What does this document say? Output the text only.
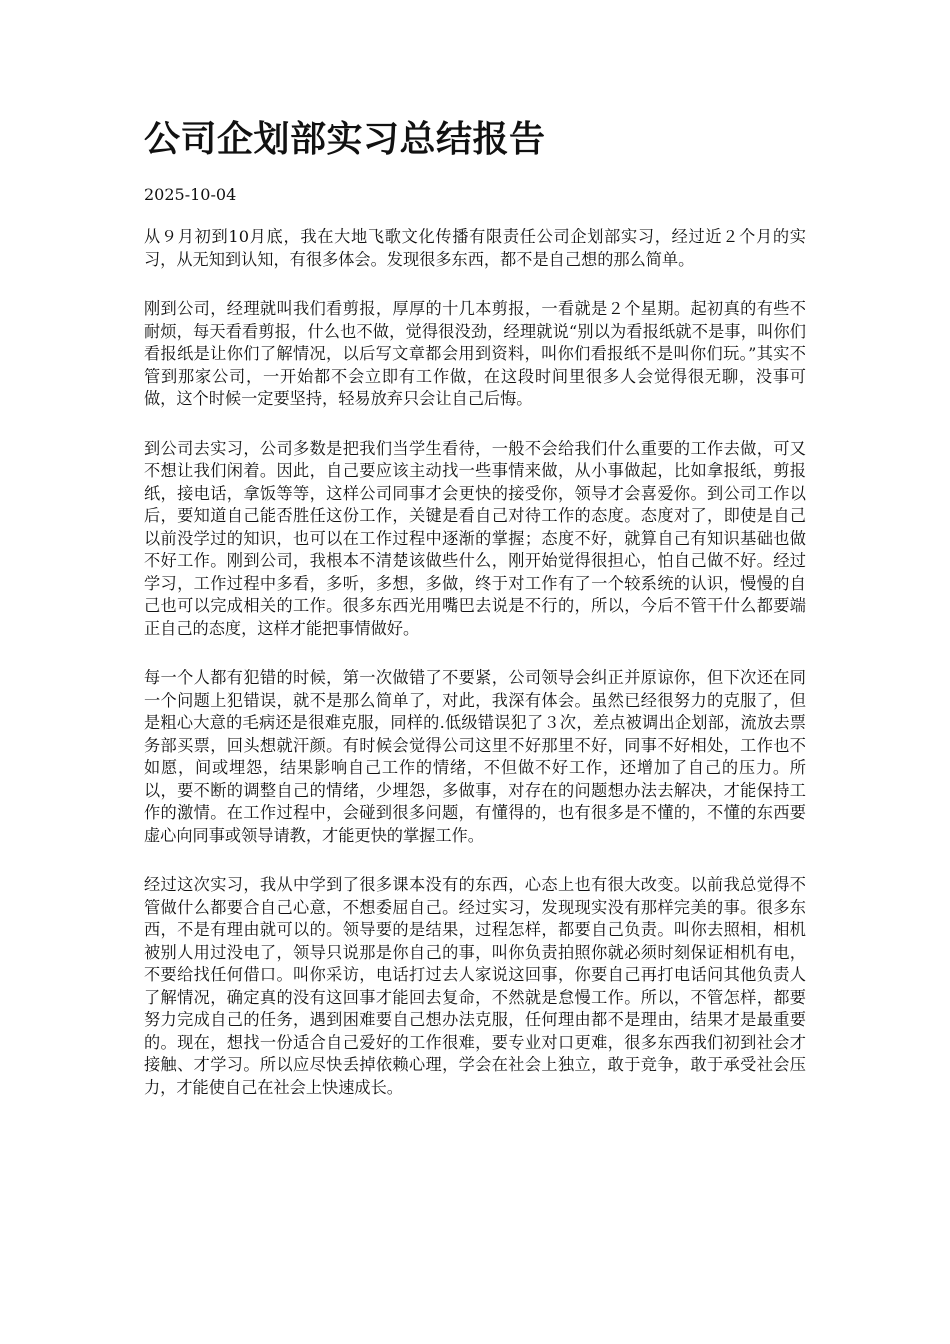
公司企划部实习总结报告
2025-10-04

从９月初到10月底，我在大地飞歌文化传播有限责任公司企划部实习，经过近２个月的实习，从无知到认知，有很多体会。发现很多东西，都不是自己想的那么简单。

刚到公司，经理就叫我们看剪报，厚厚的十几本剪报，一看就是２个星期。起初真的有些不耐烦，每天看看剪报，什么也不做，觉得很没劲，经理就说“别以为看报纸就不是事，叫你们看报纸是让你们了解情况，以后写文章都会用到资料，叫你们看报纸不是叫你们玩。”其实不管到那家公司，一开始都不会立即有工作做，在这段时间里很多人会觉得很无聊，没事可做，这个时候一定要坚持，轻易放弃只会让自己后悔。

到公司去实习，公司多数是把我们当学生看待，一般不会给我们什么重要的工作去做，可又不想让我们闲着。因此，自己要应该主动找一些事情来做，从小事做起，比如拿报纸，剪报纸，接电话，拿饭等等，这样公司同事才会更快的接受你，领导才会喜爱你。到公司工作以后，要知道自己能否胜任这份工作，关键是看自己对待工作的态度。态度对了，即使是自己以前没学过的知识，也可以在工作过程中逐渐的掌握；态度不好，就算自己有知识基础也做不好工作。刚到公司，我根本不清楚该做些什么，刚开始觉得很担心，怕自己做不好。经过学习，工作过程中多看，多听，多想，多做，终于对工作有了一个较系统的认识，慢慢的自己也可以完成相关的工作。很多东西光用嘴巴去说是不行的，所以，今后不管干什么都要端正自己的态度，这样才能把事情做好。

每一个人都有犯错的时候，第一次做错了不要紧，公司领导会纠正并原谅你，但下次还在同一个问题上犯错误，就不是那么简单了，对此，我深有体会。虽然已经很努力的克服了，但是粗心大意的毛病还是很难克服，同样的.低级错误犯了３次，差点被调出企划部，流放去票务部买票，回头想就汗颜。有时候会觉得公司这里不好那里不好，同事不好相处，工作也不如愿，间或埋怨，结果影响自己工作的情绪，不但做不好工作，还增加了自己的压力。所以，要不断的调整自己的情绪，少埋怨，多做事，对存在的问题想办法去解决，才能保持工作的激情。在工作过程中，会碰到很多问题，有懂得的，也有很多是不懂的，不懂的东西要虚心向同事或领导请教，才能更快的掌握工作。

经过这次实习，我从中学到了很多课本没有的东西，心态上也有很大改变。以前我总觉得不管做什么都要合自己心意，不想委屈自己。经过实习，发现现实没有那样完美的事。很多东西，不是有理由就可以的。领导要的是结果，过程怎样，都要自己负责。叫你去照相，相机被别人用过没电了，领导只说那是你自己的事，叫你负责拍照你就必须时刻保证相机有电，不要给找任何借口。叫你采访，电话打过去人家说这回事，你要自己再打电话问其他负责人了解情况，确定真的没有这回事才能回去复命，不然就是怠慢工作。所以，不管怎样，都要努力完成自己的任务，遇到困难要自己想办法克服，任何理由都不是理由，结果才是最重要的。现在，想找一份适合自己爱好的工作很难，要专业对口更难，很多东西我们初到社会才接触、才学习。所以应尽快丢掉依赖心理，学会在社会上独立，敢于竞争，敢于承受社会压力，才能使自己在社会上快速成长。
